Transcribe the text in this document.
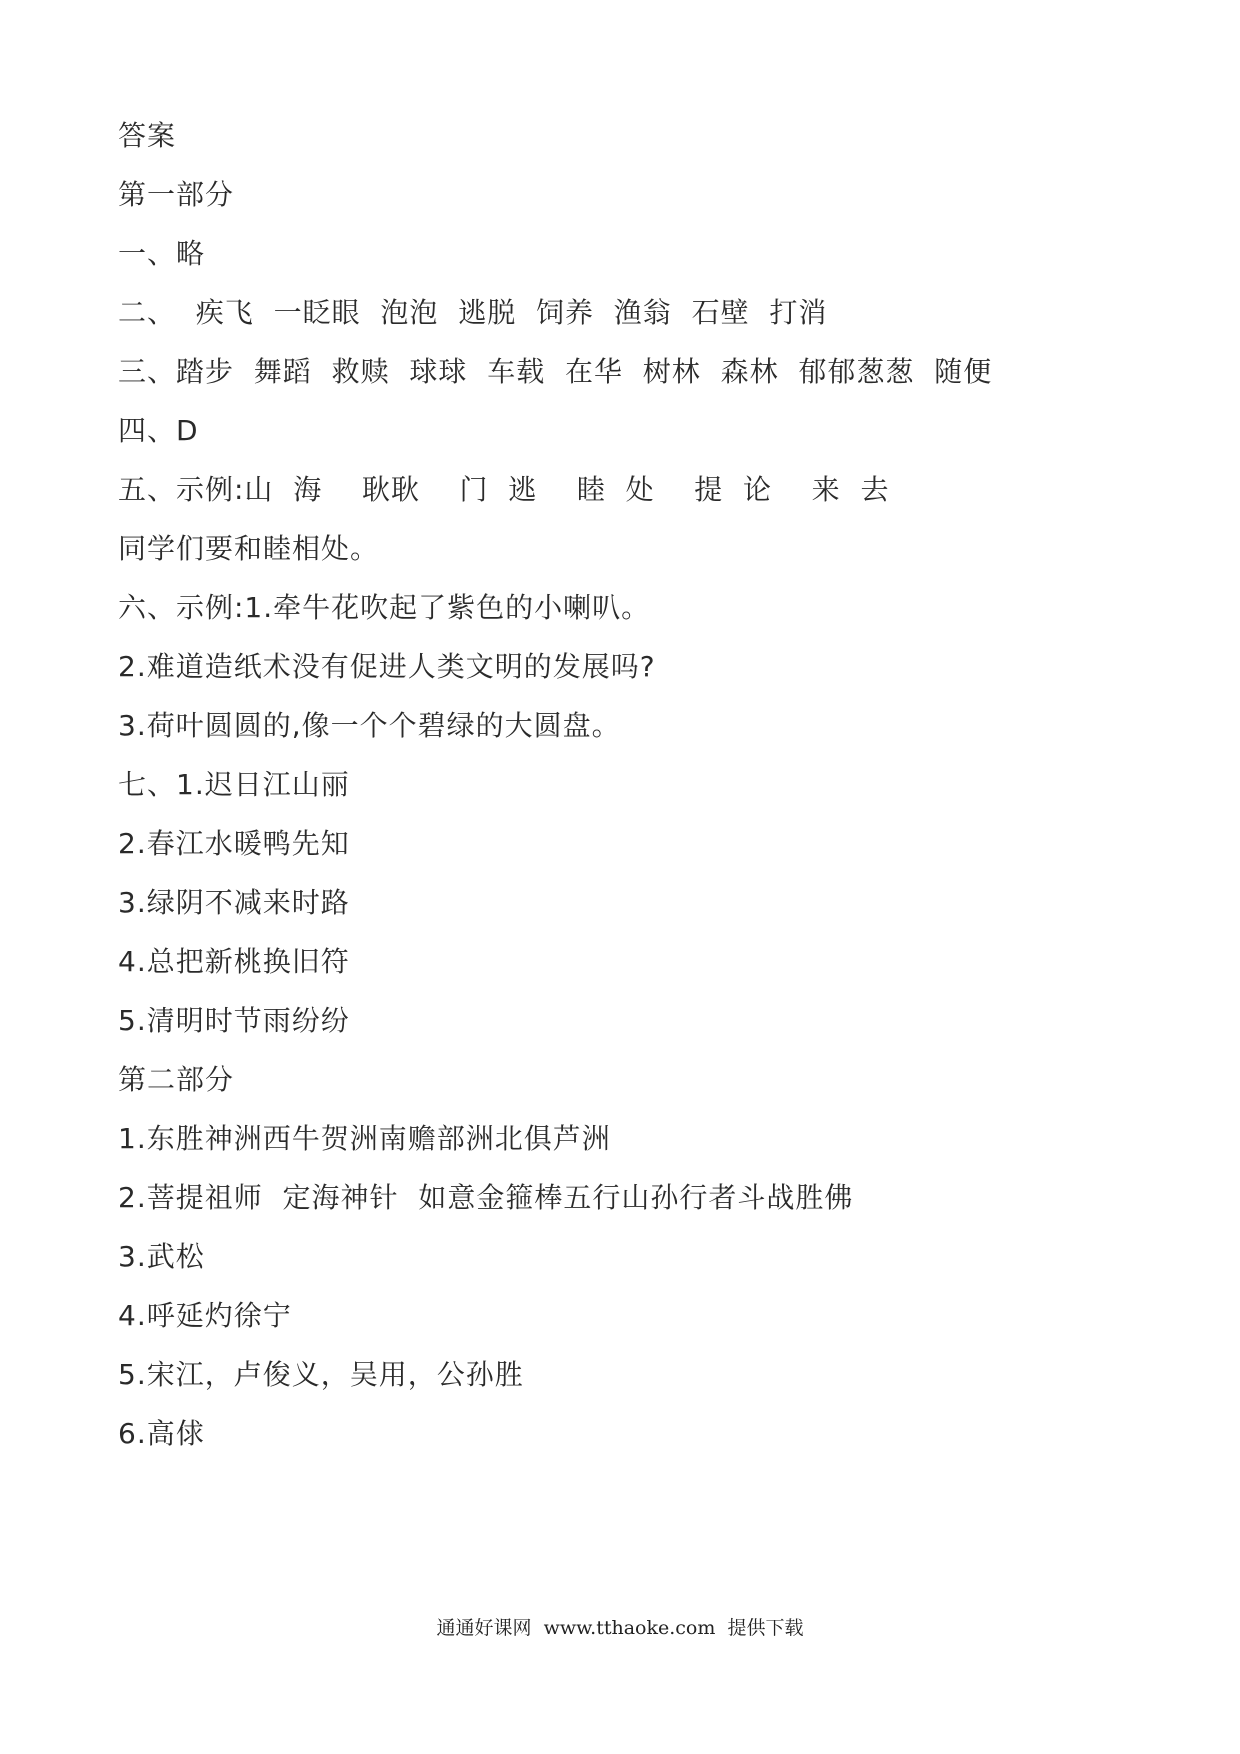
答案
第一部分
一、略
二、  疾飞  一眨眼  泡泡  逃脱  饲养  渔翁  石壁  打消
三、踏步  舞蹈  救赎  球球  车载  在华  树林  森林  郁郁葱葱  随便
四、D
五、示例:山  海    耿耿    门  逃    睦  处    提  论    来  去
同学们要和睦相处。
六、示例:1.牵牛花吹起了紫色的小喇叭。
2.难道造纸术没有促进人类文明的发展吗?
3.荷叶圆圆的,像一个个碧绿的大圆盘。
七、1.迟日江山丽
2.春江水暖鸭先知
3.绿阴不减来时路
4.总把新桃换旧符
5.清明时节雨纷纷
第二部分
1.东胜神洲西牛贺洲南赡部洲北俱芦洲
2.菩提祖师  定海神针  如意金箍棒五行山孙行者斗战胜佛
3.武松
4.呼延灼徐宁
5.宋江，卢俊义，吴用，公孙胜
6.高俅
通通好课网  www.tthaoke.com  提供下载
